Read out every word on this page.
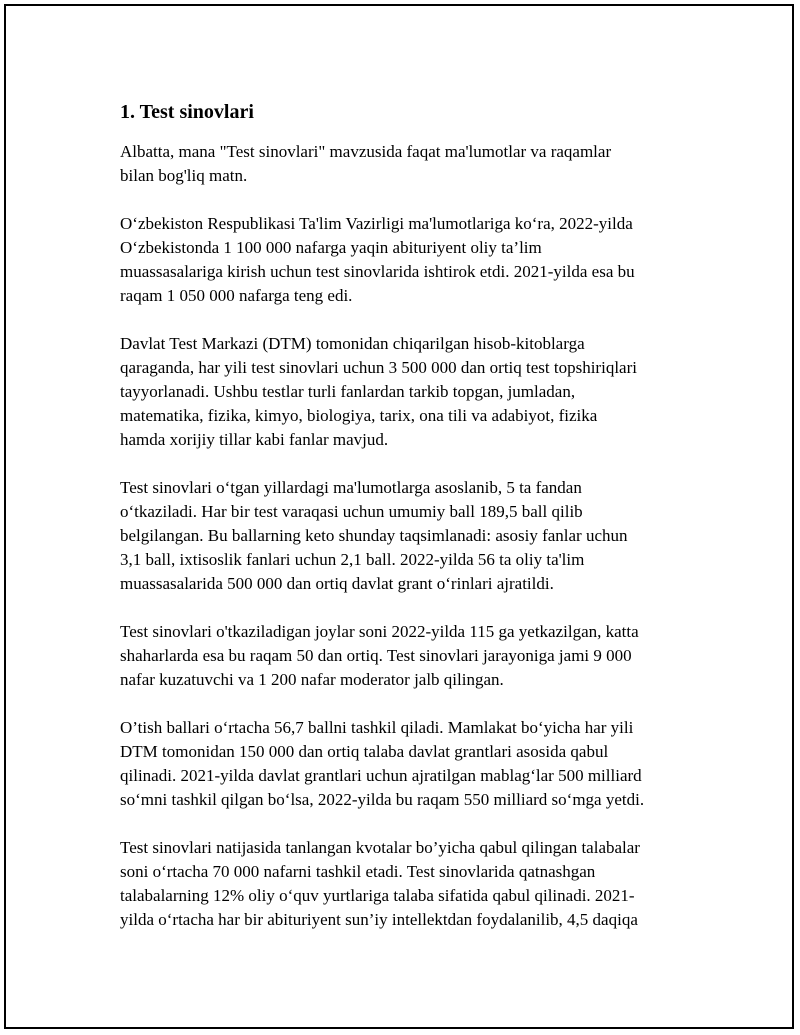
1. Test sinovlari
Albatta, mana "Test sinovlari" mavzusida faqat ma'lumotlar va raqamlar
bilan bog'liq matn.
O‘zbekiston Respublikasi Ta'lim Vazirligi ma'lumotlariga ko‘ra, 2022-yilda
O‘zbekistonda 1 100 000 nafarga yaqin abituriyent oliy ta’lim
muassasalariga kirish uchun test sinovlarida ishtirok etdi. 2021-yilda esa bu
raqam 1 050 000 nafarga teng edi.
Davlat Test Markazi (DTM) tomonidan chiqarilgan hisob-kitoblarga
qaraganda, har yili test sinovlari uchun 3 500 000 dan ortiq test topshiriqlari
tayyorlanadi. Ushbu testlar turli fanlardan tarkib topgan, jumladan,
matematika, fizika, kimyo, biologiya, tarix, ona tili va adabiyot, fizika
hamda xorijiy tillar kabi fanlar mavjud.
Test sinovlari o‘tgan yillardagi ma'lumotlarga asoslanib, 5 ta fandan
o‘tkaziladi. Har bir test varaqasi uchun umumiy ball 189,5 ball qilib
belgilangan. Bu ballarning keto shunday taqsimlanadi: asosiy fanlar uchun
3,1 ball, ixtisoslik fanlari uchun 2,1 ball. 2022-yilda 56 ta oliy ta'lim
muassasalarida 500 000 dan ortiq davlat grant o‘rinlari ajratildi.
Test sinovlari o'tkaziladigan joylar soni 2022-yilda 115 ga yetkazilgan, katta
shaharlarda esa bu raqam 50 dan ortiq. Test sinovlari jarayoniga jami 9 000
nafar kuzatuvchi va 1 200 nafar moderator jalb qilingan.
O’tish ballari o‘rtacha 56,7 ballni tashkil qiladi. Mamlakat bo‘yicha har yili
DTM tomonidan 150 000 dan ortiq talaba davlat grantlari asosida qabul
qilinadi. 2021-yilda davlat grantlari uchun ajratilgan mablag‘lar 500 milliard
so‘mni tashkil qilgan bo‘lsa, 2022-yilda bu raqam 550 milliard so‘mga yetdi.
Test sinovlari natijasida tanlangan kvotalar bo’yicha qabul qilingan talabalar
soni o‘rtacha 70 000 nafarni tashkil etadi. Test sinovlarida qatnashgan
talabalarning 12% oliy o‘quv yurtlariga talaba sifatida qabul qilinadi. 2021-
yilda o‘rtacha har bir abituriyent sun’iy intellektdan foydalanilib, 4,5 daqiqa
